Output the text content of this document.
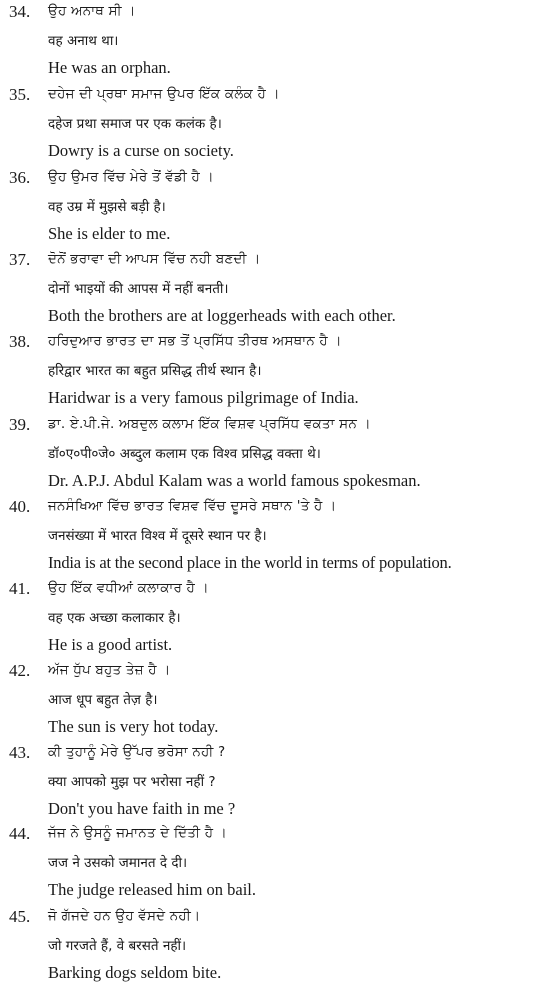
34. ਉਹ ਅਨਾਥ ਸੀ ।
वह अनाथ था।
He was an orphan.
35. ਦਹੇਜ ਦੀ ਪ੍ਰਥਾ ਸਮਾਜ ਉਪਰ ਇੱਕ ਕਲੰਕ ਹੈ ।
दहेज प्रथा समाज पर एक कलंक है।
Dowry is a curse on society.
36. ਉਹ ਉਮਰ ਵਿੱਚ ਮੇਰੇ ਤੋਂ ਵੱਡੀ ਹੈ ।
वह उम्र में मुझसे बड़ी है।
She is elder to me.
37. ਦੋਨੋਂ ਭਰਾਵਾ ਦੀ ਆਪਸ ਵਿੱਚ ਨਹੀ ਬਣਦੀ ।
दोनों भाइयों की आपस में नहीं बनती।
Both the brothers are at loggerheads with each other.
38. ਹਰਿਦੁਆਰ ਭਾਰਤ ਦਾ ਸਭ ਤੋਂ ਪ੍ਰਸਿੱਧ ਤੀਰਥ ਅਸਥਾਨ ਹੈ ।
हरिद्वार भारत का बहुत प्रसिद्ध तीर्थ स्थान है।
Haridwar is a very famous pilgrimage of India.
39. ਡਾ. ਏ.ਪੀ.ਜੇ. ਅਬਦੁਲ ਕਲਾਮ ਇੱਕ ਵਿਸ਼ਵ ਪ੍ਰਸਿੱਧ ਵਕਤਾ ਸਨ ।
डॉ०ए०पी०जे० अब्दुल कलाम एक विश्व प्रसिद्ध वक्ता थे।
Dr. A.P.J. Abdul Kalam was a world famous spokesman.
40. ਜਨਸੰਖਿਆ ਵਿੱਚ ਭਾਰਤ ਵਿਸ਼ਵ ਵਿੱਚ ਦੂਸਰੇ ਸਥਾਨ 'ਤੇ ਹੈ ।
जनसंख्या में भारत विश्व में दूसरे स्थान पर है।
India is at the second place in the world in terms of population.
41. ਉਹ ਇੱਕ ਵਧੀਆਂ ਕਲਾਕਾਰ ਹੈ ।
वह एक अच्छा कलाकार है।
He is a good artist.
42. ਅੱਜ ਧੁੱਪ ਬਹੁਤ ਤੇਜ਼ ਹੈ ।
आज धूप बहुत तेज़ है।
The sun is very hot today.
43. ਕੀ ਤੁਹਾਨੂੰ ਮੇਰੇ ਉੱਪਰ ਭਰੋਸਾ ਨਹੀ ?
क्या आपको मुझ पर भरोसा नहीं ?
Don't you have faith in me ?
44. ਜੱਜ ਨੇ ਉਸਨੂੰ ਜਮਾਨਤ ਦੇ ਦਿੱਤੀ ਹੈ ।
जज ने उसको जमानत दे दी।
The judge released him on bail.
45. ਜੋ ਗੱਜਦੇ ਹਨ ਉਹ ਵੱਸਦੇ ਨਹੀ।
जो गरजते हैं, वे बरसते नहीं।
Barking dogs seldom bite.
